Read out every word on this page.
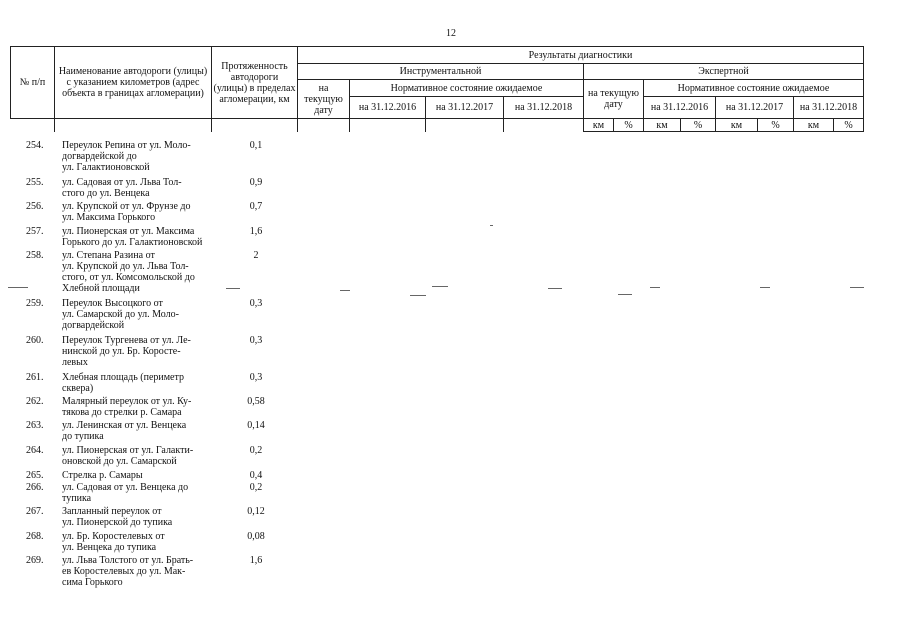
12
№ п/п	Наименование автодороги (улицы) с указанием километров (адрес объекта в границах агломерации)	Протяженность автодороги (улицы) в пределах агломерации, км	Результаты диагностики											
			Инструментальной				Экспертной							
			на текущую дату	Нормативное состояние ожидаемое			на текущую дату		Нормативное состояние ожидаемое					
				на 31.12.2016	на 31.12.2017	на 31.12.2018			на 31.12.2016		на 31.12.2017		на 31.12.2018	
							км	%	км	%	км	%	км	%
254.	Переулок Репина от ул. Моло-
догвардейской до
ул. Галактионовской
0,1
255.	ул. Садовая от ул. Льва Тол-
стого до ул. Венцека
0,9
256.	ул. Крупской от ул. Фрунзе до
ул. Максима Горького
0,7
257.	ул. Пионерская от ул. Максима
Горького до ул. Галактионовской
1,6
258.	ул. Степана Разина от
ул. Крупской до ул. Льва Тол-
стого, от ул. Комсомольской до
Хлебной площади
2
259.	Переулок Высоцкого от
ул. Самарской до ул. Моло-
догвардейской
0,3
260.	Переулок Тургенева от ул. Ле-
нинской до ул. Бр. Коросте-
левых
0,3
261.	Хлебная площадь (периметр
сквера)
0,3
262.	Малярный переулок от ул. Ку-
тякова до стрелки р. Самара
0,58
263.	ул. Ленинская от ул. Венцека
до тупика
0,14
264.	ул. Пионерская от ул. Галакти-
оновской до ул. Самарской
0,2
265.	Стрелка р. Самары	0,4
266.	ул. Садовая от ул. Венцека до
тупика
0,2
267.	Запланный переулок от
ул. Пионерской до тупика
0,12
268.	ул. Бр. Коростелевых от
ул. Венцека до тупика
0,08
269.	ул. Льва Толстого от ул. Брать-
ев Коростелевых до ул. Мак-
сима Горького
1,6
